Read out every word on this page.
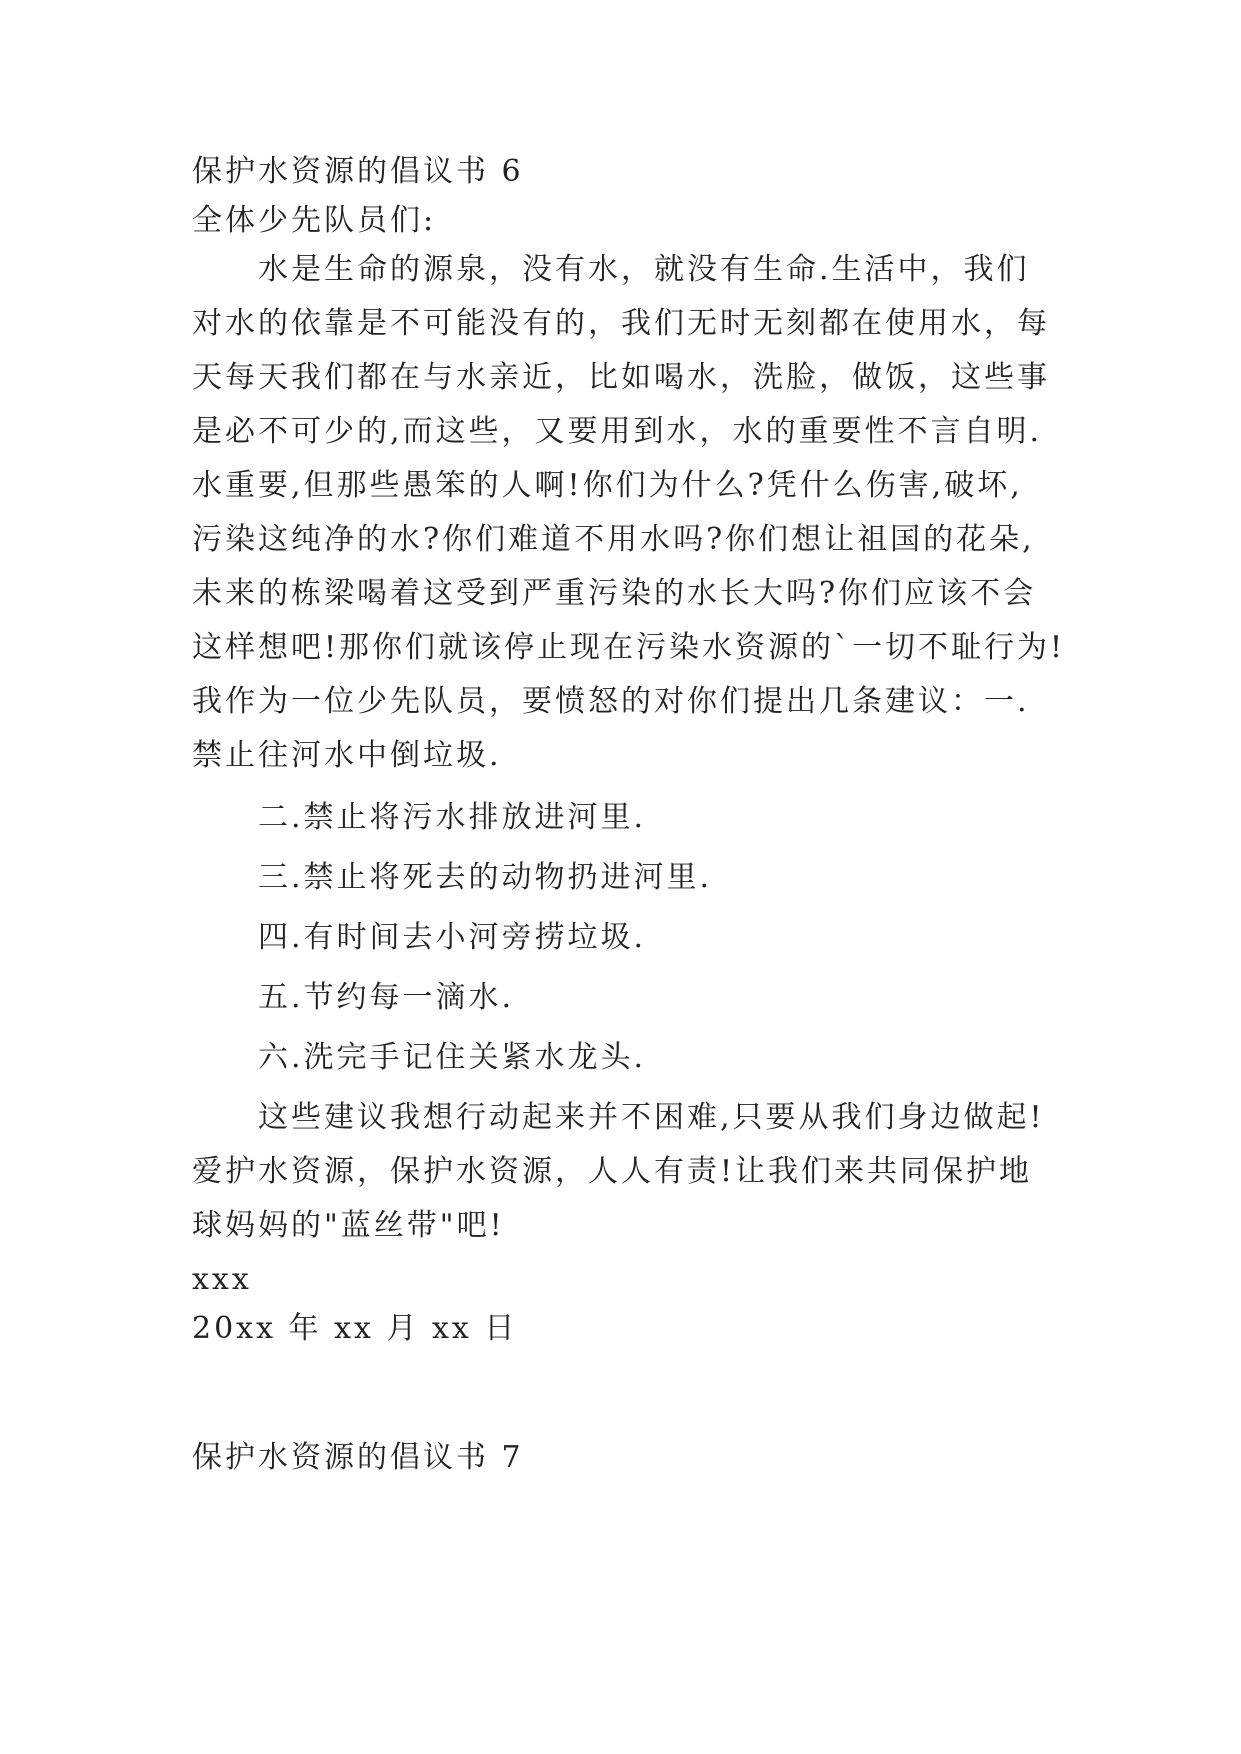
保护水资源的倡议书 6
全体少先队员们:
水是生命的源泉，没有水，就没有生命.生活中，我们
对水的依靠是不可能没有的，我们无时无刻都在使用水，每
天每天我们都在与水亲近，比如喝水，洗脸，做饭，这些事
是必不可少的,而这些，又要用到水，水的重要性不言自明.
水重要,但那些愚笨的人啊!你们为什么?凭什么伤害,破坏,
污染这纯净的水?你们难道不用水吗?你们想让祖国的花朵,
未来的栋梁喝着这受到严重污染的水长大吗?你们应该不会
这样想吧!那你们就该停止现在污染水资源的`一切不耻行为!
我作为一位少先队员，要愤怒的对你们提出几条建议：一.
禁止往河水中倒垃圾.
二.禁止将污水排放进河里.
三.禁止将死去的动物扔进河里.
四.有时间去小河旁捞垃圾.
五.节约每一滴水.
六.洗完手记住关紧水龙头.
这些建议我想行动起来并不困难,只要从我们身边做起!
爱护水资源，保护水资源，人人有责!让我们来共同保护地
球妈妈的"蓝丝带"吧!
xxx
20xx 年 xx 月 xx 日
保护水资源的倡议书 7
